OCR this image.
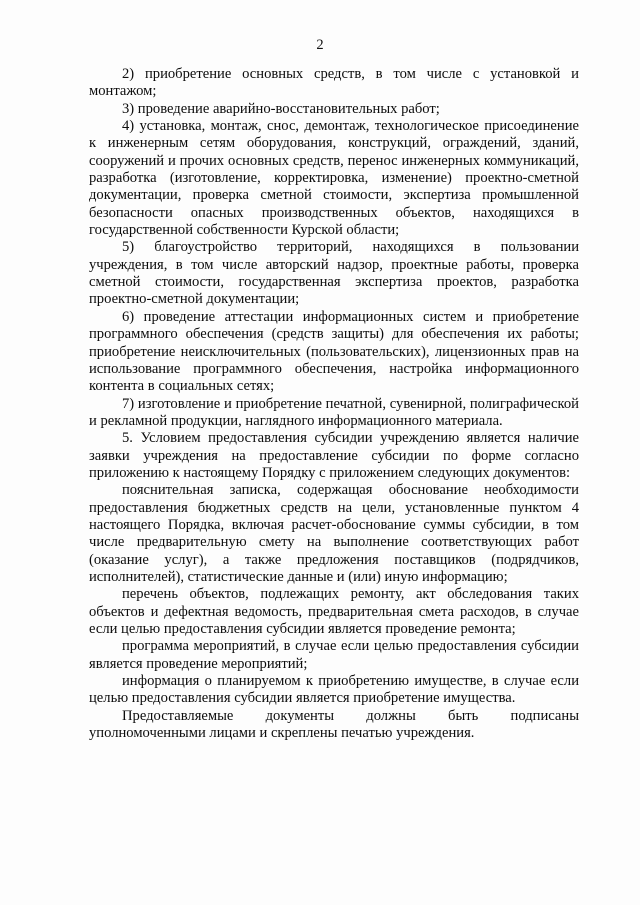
2

2) приобретение основных средств, в том числе с установкой и монтажом;

3) проведение аварийно-восстановительных работ;

4) установка, монтаж, снос, демонтаж, технологическое присоединение к инженерным сетям оборудования, конструкций, ограждений, зданий, сооружений и прочих основных средств, перенос инженерных коммуникаций, разработка (изготовление, корректировка, изменение) проектно-сметной документации, проверка сметной стоимости, экспертиза промышленной безопасности опасных производственных объектов, находящихся в государственной собственности Курской области;

5) благоустройство территорий, находящихся в пользовании учреждения, в том числе авторский надзор, проектные работы, проверка сметной стоимости, государственная экспертиза проектов, разработка проектно-сметной документации;

6) проведение аттестации информационных систем и приобретение программного обеспечения (средств защиты) для обеспечения их работы; приобретение неисключительных (пользовательских), лицензионных прав на использование программного обеспечения, настройка информационного контента в социальных сетях;

7) изготовление и приобретение печатной, сувенирной, полиграфической и рекламной продукции, наглядного информационного материала.

5. Условием предоставления субсидии учреждению является наличие заявки учреждения на предоставление субсидии по форме согласно приложению к настоящему Порядку с приложением следующих документов:

пояснительная записка, содержащая обоснование необходимости предоставления бюджетных средств на цели, установленные пунктом 4 настоящего Порядка, включая расчет-обоснование суммы субсидии, в том числе предварительную смету на выполнение соответствующих работ (оказание услуг), а также предложения поставщиков (подрядчиков, исполнителей), статистические данные и (или) иную информацию;

перечень объектов, подлежащих ремонту, акт обследования таких объектов и дефектная ведомость, предварительная смета расходов, в случае если целью предоставления субсидии является проведение ремонта;

программа мероприятий, в случае если целью предоставления субсидии является проведение мероприятий;

информация о планируемом к приобретению имуществе, в случае если целью предоставления субсидии является приобретение имущества.

Предоставляемые документы должны быть подписаны уполномоченными лицами и скреплены печатью учреждения.
